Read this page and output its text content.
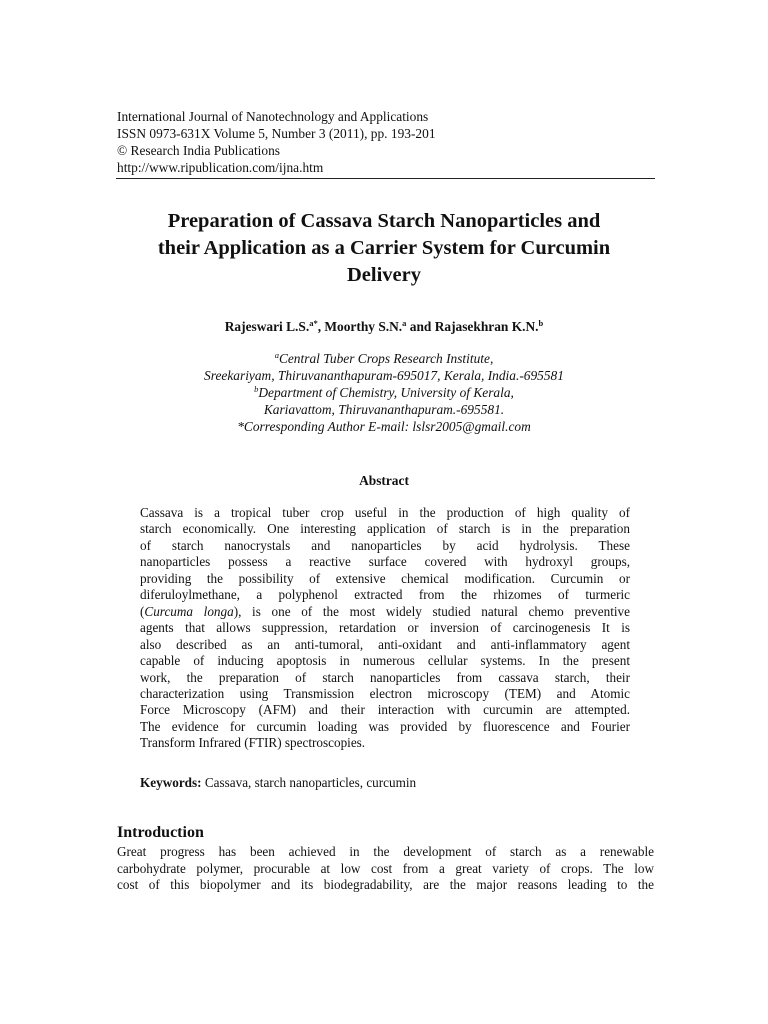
International Journal of Nanotechnology and Applications
ISSN 0973-631X Volume 5, Number 3 (2011), pp. 193-201
© Research India Publications
http://www.ripublication.com/ijna.htm
Preparation of Cassava Starch Nanoparticles and
their Application as a Carrier System for Curcumin
Delivery
Rajeswari L.S.$^{a*}$, Moorthy S.N.$^a$ and Rajasekhran K.N.$^b$
$^a$Central Tuber Crops Research Institute,
Sreekariyam, Thiruvananthapuram-695017, Kerala, India.-695581
$^b$Department of Chemistry, University of Kerala,
Kariavattom, Thiruvananthapuram.-695581.
*Corresponding Author E-mail: lslsr2005@gmail.com
Abstract
Cassava is a tropical tuber crop useful in the production of high quality of
starch economically. One interesting application of starch is in the preparation
of starch nanocrystals and nanoparticles by acid hydrolysis. These
nanoparticles possess a reactive surface covered with hydroxyl groups,
providing the possibility of extensive chemical modification. Curcumin or
diferuloylmethane, a polyphenol extracted from the rhizomes of turmeric
(Curcuma longa), is one of the most widely studied natural chemo preventive
agents that allows suppression, retardation or inversion of carcinogenesis It is
also described as an anti-tumoral, anti-oxidant and anti-inflammatory agent
capable of inducing apoptosis in numerous cellular systems. In the present
work, the preparation of starch nanoparticles from cassava starch, their
characterization using Transmission electron microscopy (TEM) and Atomic
Force Microscopy (AFM) and their interaction with curcumin are attempted.
The evidence for curcumin loading was provided by fluorescence and Fourier
Transform Infrared (FTIR) spectroscopies.
Keywords: Cassava, starch nanoparticles, curcumin
Introduction
Great progress has been achieved in the development of starch as a renewable
carbohydrate polymer, procurable at low cost from a great variety of crops. The low
cost of this biopolymer and its biodegradability, are the major reasons leading to the
